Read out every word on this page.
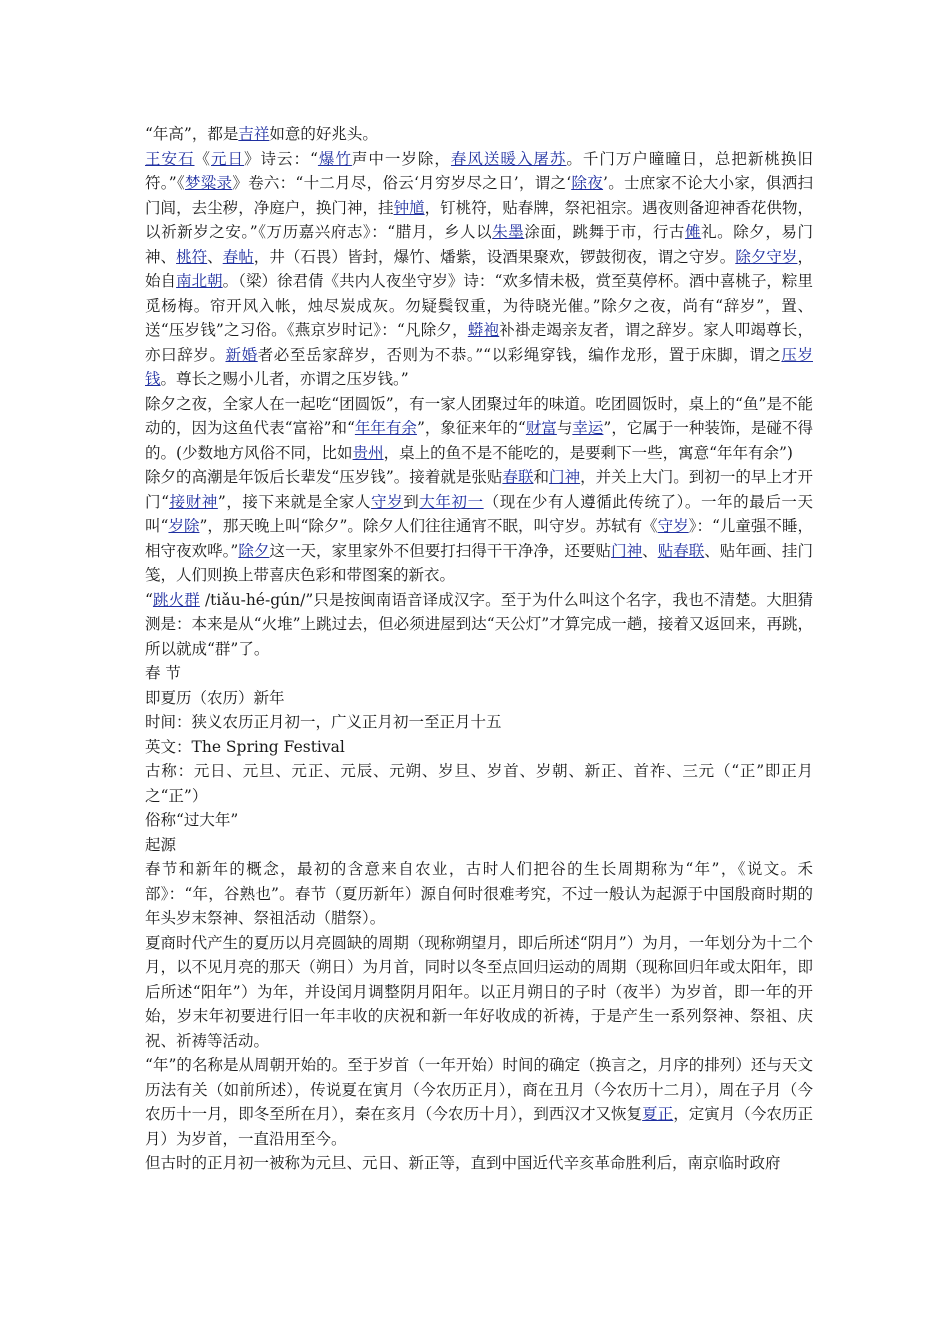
“年高”，都是吉祥如意的好兆头。

王安石《元日》诗云：“爆竹声中一岁除，春风送暖入屠苏。千门万户曈曈日，总把新桃换旧符。”《梦粱录》卷六：“十二月尽，俗云‘月穷岁尽之日’，谓之‘除夜’。士庶家不论大小家，俱洒扫门闾，去尘秽，净庭户，换门神，挂钟馗，钉桃符，贴春牌，祭祀祖宗。遇夜则备迎神香花供物，以祈新岁之安。”《万历嘉兴府志》：“腊月，乡人以朱墨涂面，跳舞于市，行古傩礼。除夕，易门神、桃符、春帖，井（石畏）皆封，爆竹、燔紫，设酒果聚欢，锣鼓彻夜，谓之守岁。除夕守岁，始自南北朝。（梁）徐君倩《共内人夜坐守岁》诗：“欢多情未极，赏至莫停杯。酒中喜桃子，粽里觅杨梅。帘开风入帐，烛尽炭成灰。勿疑鬓钗重，为待晓光催。”除夕之夜，尚有“辞岁”，置、送“压岁钱”之习俗。《燕京岁时记》：“凡除夕，蟒袍补褂走竭亲友者，谓之辞岁。家人叩竭尊长，亦曰辞岁。新婚者必至岳家辞岁，否则为不恭。”“以彩绳穿钱，编作龙形，置于床脚，谓之压岁钱。尊长之赐小儿者，亦谓之压岁钱。”

除夕之夜，全家人在一起吃“团圆饭”，有一家人团聚过年的味道。吃团圆饭时，桌上的“鱼”是不能动的，因为这鱼代表“富裕”和“年年有余”，象征来年的“财富与幸运”，它属于一种装饰，是碰不得的。(少数地方风俗不同，比如贵州，桌上的鱼不是不能吃的，是要剩下一些，寓意“年年有余”)

除夕的高潮是年饭后长辈发“压岁钱”。接着就是张贴春联和门神，并关上大门。到初一的早上才开门“接财神”，接下来就是全家人守岁到大年初一（现在少有人遵循此传统了）。一年的最后一天叫“岁除”，那天晚上叫“除夕”。除夕人们往往通宵不眠，叫守岁。苏轼有《守岁》：“儿童强不睡，相守夜欢哗。”除夕这一天，家里家外不但要打扫得干干净净，还要贴门神、贴春联、贴年画、挂门笺，人们则换上带喜庆色彩和带图案的新衣。

“跳火群 /tiǎu-hé-gún/”只是按闽南语音译成汉字。至于为什么叫这个名字，我也不清楚。大胆猜测是：本来是从“火堆”上跳过去，但必须进屋到达“天公灯”才算完成一趟，接着又返回来，再跳，所以就成“群”了。

春 节

即夏历（农历）新年

时间：狭义农历正月初一，广义正月初一至正月十五

英文：The Spring Festival

古称：元日、元旦、元正、元辰、元朔、岁旦、岁首、岁朝、新正、首祚、三元（“正”即正月之“正”）

俗称“过大年”

起源

春节和新年的概念，最初的含意来自农业，古时人们把谷的生长周期称为“年”，《说文。禾部》：“年，谷熟也”。春节（夏历新年）源自何时很难考究，不过一般认为起源于中国殷商时期的年头岁末祭神、祭祖活动（腊祭）。

夏商时代产生的夏历以月亮圆缺的周期（现称朔望月，即后所述“阴月”）为月，一年划分为十二个月，以不见月亮的那天（朔日）为月首，同时以冬至点回归运动的周期（现称回归年或太阳年，即后所述“阳年”）为年，并设闰月调整阴月阳年。以正月朔日的子时（夜半）为岁首，即一年的开始，岁末年初要进行旧一年丰收的庆祝和新一年好收成的祈祷，于是产生一系列祭神、祭祖、庆祝、祈祷等活动。

“年”的名称是从周朝开始的。至于岁首（一年开始）时间的确定（换言之，月序的排列）还与天文历法有关（如前所述），传说夏在寅月（今农历正月），商在丑月（今农历十二月），周在子月（今农历十一月，即冬至所在月），秦在亥月（今农历十月），到西汉才又恢复夏正，定寅月（今农历正月）为岁首，一直沿用至今。

但古时的正月初一被称为元旦、元日、新正等，直到中国近代辛亥革命胜利后，南京临时政府
